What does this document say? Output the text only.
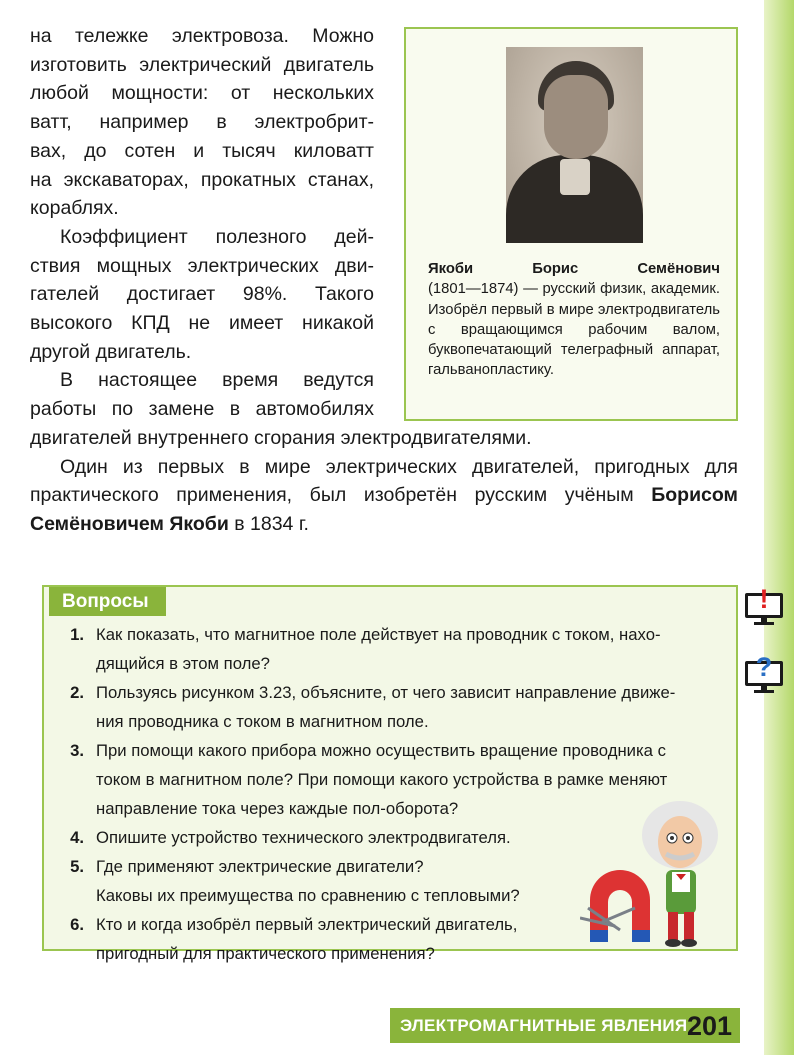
на тележке электровоза. Можно
изготовить электрический двигатель
любой мощности: от нескольких
ватт, например в электробрит-
вах, до сотен и тысяч киловатт
на экскаваторах, прокатных станах,
кораблях.
Коэффициент полезного дей-
ствия мощных электрических дви-
гателей достигает 98%. Такого
высокого КПД не имеет никакой
другой двигатель.
В настоящее время ведутся
работы по замене в автомобилях
двигателей внутреннего сгорания электродвигателями.
Один из первых в мире электрических двигателей, пригодных для
практического применения, был изобретён русским учёным Борисом
Семёновичем Якоби в 1834 г.
Якоби Борис Семёнович
(1801—1874) — русский физик, академик. Изобрёл первый в мире электродвигатель с вращающимся рабочим валом, буквопечатающий телеграфный аппарат, гальванопластику.
Вопросы
1. Как показать, что магнитное поле действует на проводник с током, нахо-
дящийся в этом поле?
2. Пользуясь рисунком 3.23, объясните, от чего зависит направление движе-
ния проводника с током в магнитном поле.
3. При помощи какого прибора можно осуществить вращение проводника с
током в магнитном поле? При помощи какого устройства в рамке меняют
направление тока через каждые пол-оборота?
4. Опишите устройство технического электродвигателя.
5. Где применяют электрические двигатели?
Каковы их преимущества по сравнению с тепловыми?
6. Кто и когда изобрёл первый электрический двигатель,
пригодный для практического применения?
!
?
ЭЛЕКТРОМАГНИТНЫЕ ЯВЛЕНИЯ 201
